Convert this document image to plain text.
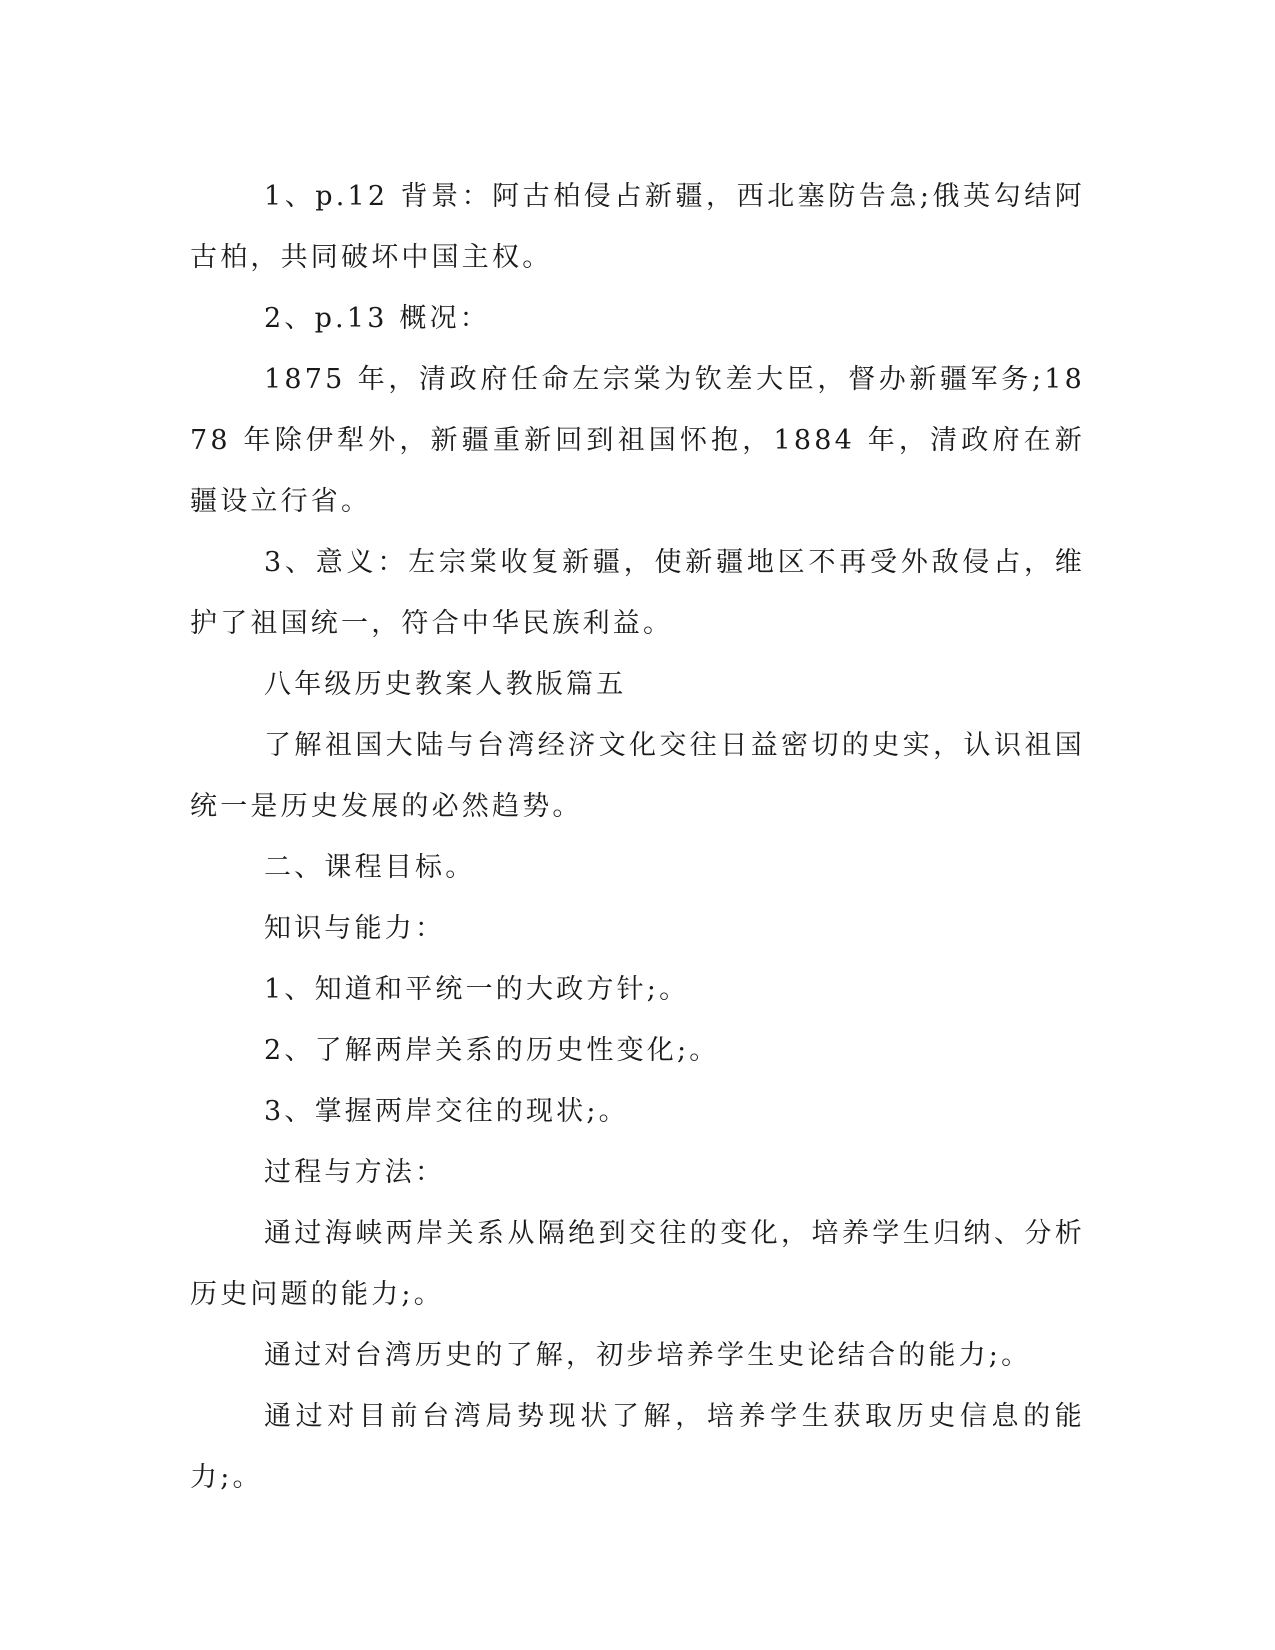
1、p.12 背景：阿古柏侵占新疆，西北塞防告急;俄英勾结阿古柏，共同破坏中国主权。

2、p.13 概况：

1875 年，清政府任命左宗棠为钦差大臣，督办新疆军务;1878 年除伊犁外，新疆重新回到祖国怀抱，1884 年，清政府在新疆设立行省。

3、意义：左宗棠收复新疆，使新疆地区不再受外敌侵占，维护了祖国统一，符合中华民族利益。

八年级历史教案人教版篇五

了解祖国大陆与台湾经济文化交往日益密切的史实，认识祖国统一是历史发展的必然趋势。

二、课程目标。

知识与能力：

1、知道和平统一的大政方针;。

2、了解两岸关系的历史性变化;。

3、掌握两岸交往的现状;。

过程与方法：

通过海峡两岸关系从隔绝到交往的变化，培养学生归纳、分析历史问题的能力;。

通过对台湾历史的了解，初步培养学生史论结合的能力;。

通过对目前台湾局势现状了解，培养学生获取历史信息的能力;。
